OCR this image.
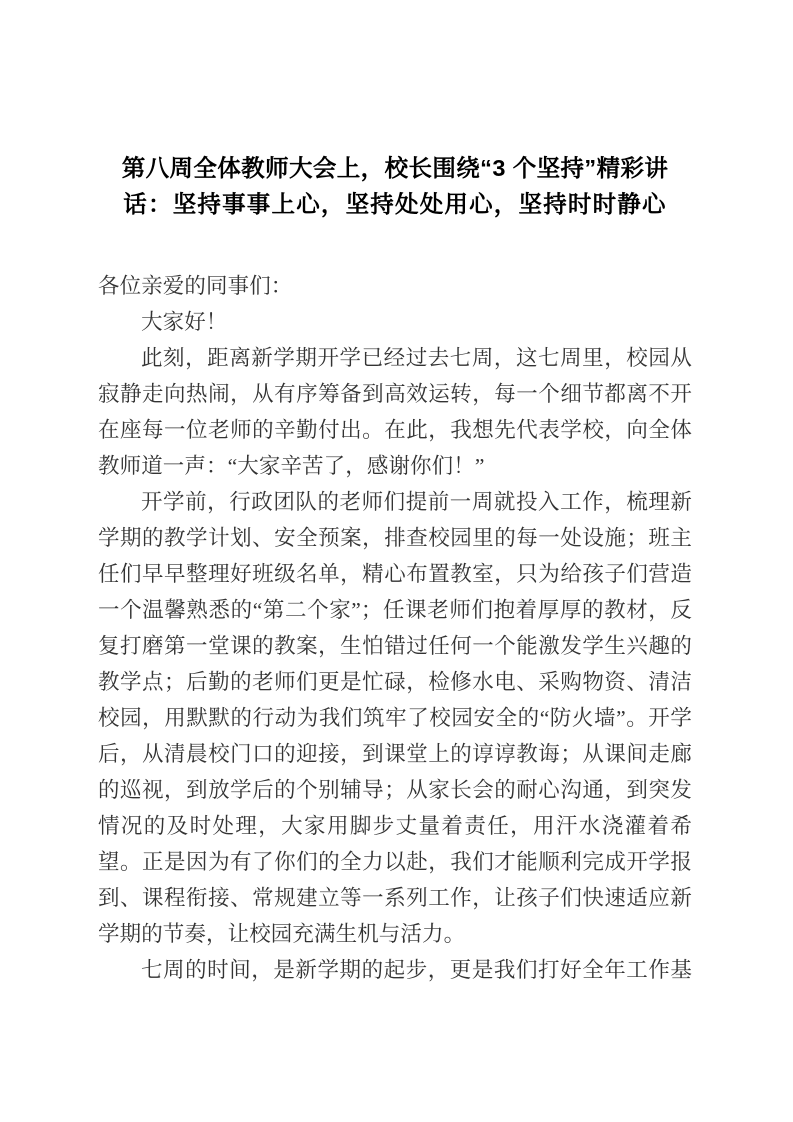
第八周全体教师大会上，校长围绕“3 个坚持”精彩讲
话：坚持事事上心，坚持处处用心，坚持时时静心

各位亲爱的同事们：

大家好！

此刻，距离新学期开学已经过去七周，这七周里，校园从寂静走向热闹，从有序筹备到高效运转，每一个细节都离不开在座每一位老师的辛勤付出。在此，我想先代表学校，向全体教师道一声：“大家辛苦了，感谢你们！”

开学前，行政团队的老师们提前一周就投入工作，梳理新学期的教学计划、安全预案，排查校园里的每一处设施；班主任们早早整理好班级名单，精心布置教室，只为给孩子们营造一个温馨熟悉的“第二个家”；任课老师们抱着厚厚的教材，反复打磨第一堂课的教案，生怕错过任何一个能激发学生兴趣的教学点；后勤的老师们更是忙碌，检修水电、采购物资、清洁校园，用默默的行动为我们筑牢了校园安全的“防火墙”。开学后，从清晨校门口的迎接，到课堂上的谆谆教诲；从课间走廊的巡视，到放学后的个别辅导；从家长会的耐心沟通，到突发情况的及时处理，大家用脚步丈量着责任，用汗水浇灌着希望。正是因为有了你们的全力以赴，我们才能顺利完成开学报到、课程衔接、常规建立等一系列工作，让孩子们快速适应新学期的节奏，让校园充满生机与活力。

七周的时间，是新学期的起步，更是我们打好全年工作基
